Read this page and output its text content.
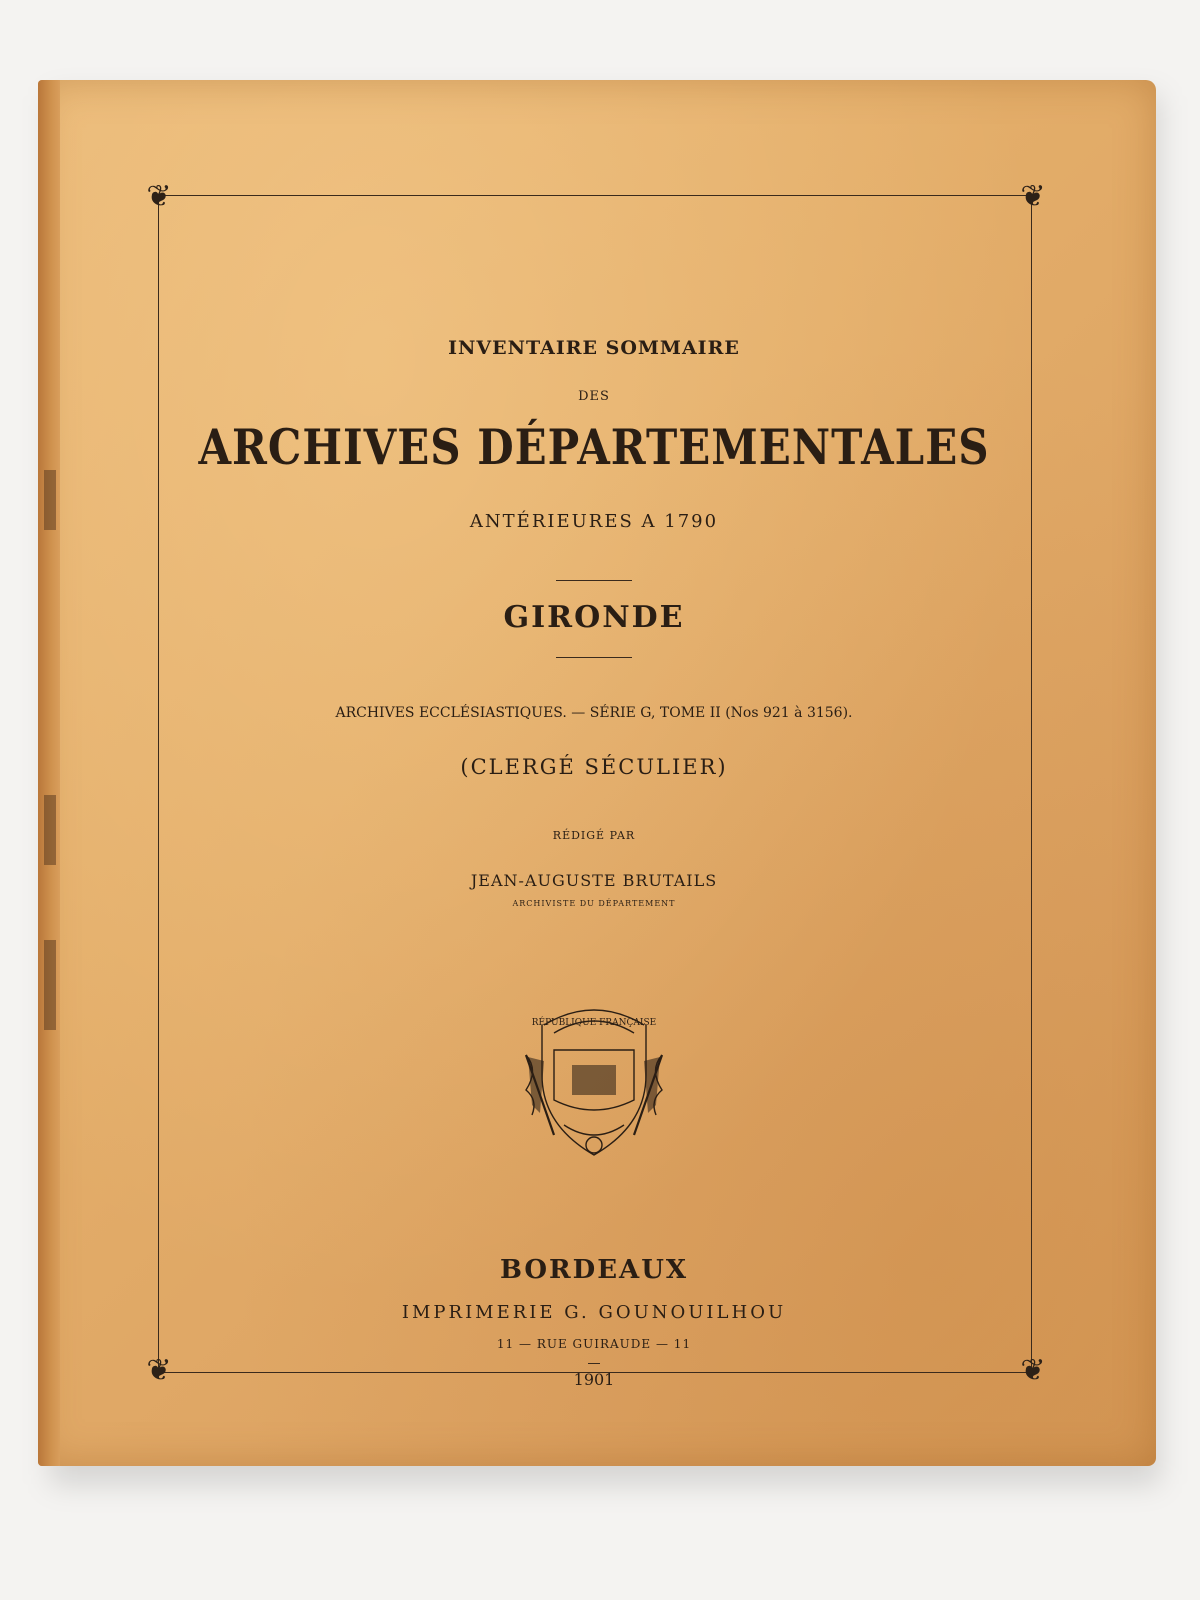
❦	❦
❦	❦
INVENTAIRE SOMMAIRE
DES
ARCHIVES DÉPARTEMENTALES
ANTÉRIEURES A 1790
GIRONDE
ARCHIVES ECCLÉSIASTIQUES. — SÉRIE G, TOME II (Nos 921 à 3156).
(CLERGÉ SÉCULIER)
RÉDIGÉ PAR
JEAN-AUGUSTE BRUTAILS
ARCHIVISTE DU DÉPARTEMENT
RÉPUBLIQUE FRANÇAISE
BORDEAUX
IMPRIMERIE G. GOUNOUILHOU
11 — RUE GUIRAUDE — 11
1901
